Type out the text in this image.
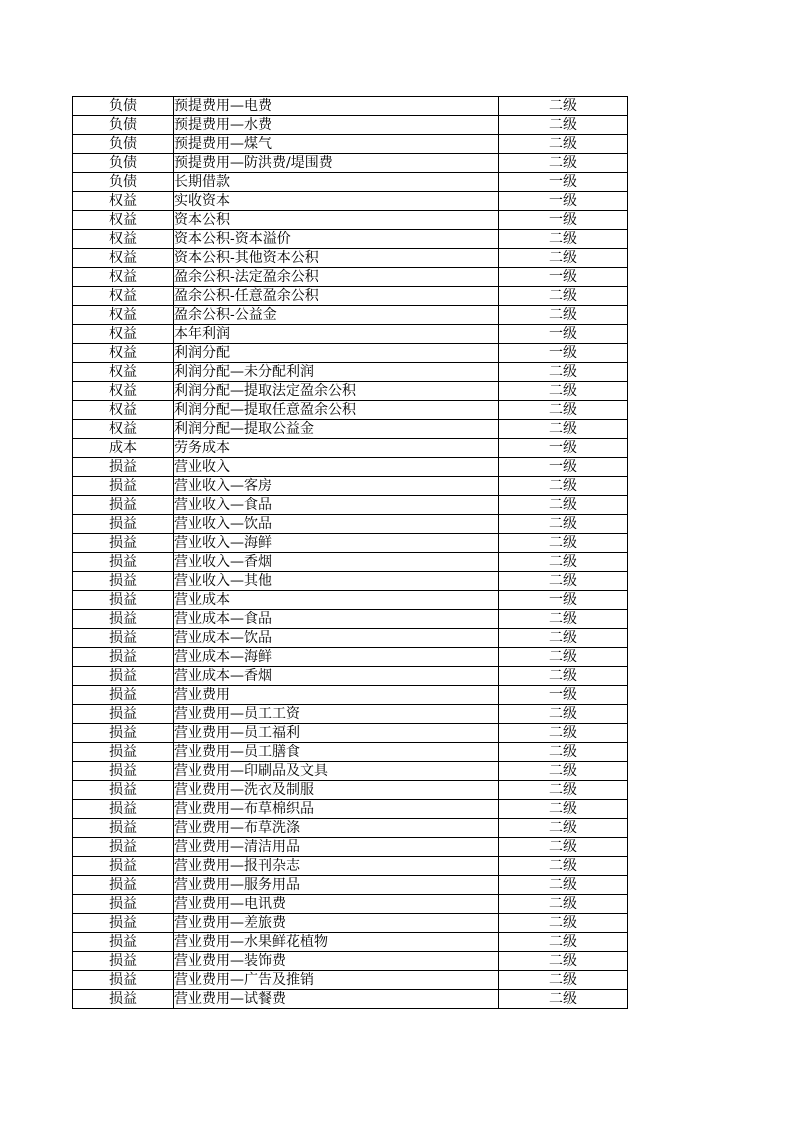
负债	预提费用—电费	二级
负债	预提费用—水费	二级
负债	预提费用—煤气	二级
负债	预提费用—防洪费/堤围费	二级
负债	长期借款	一级
权益	实收资本	一级
权益	资本公积	一级
权益	资本公积-资本溢价	二级
权益	资本公积-其他资本公积	二级
权益	盈余公积-法定盈余公积	一级
权益	盈余公积-任意盈余公积	二级
权益	盈余公积-公益金	二级
权益	本年利润	一级
权益	利润分配	一级
权益	利润分配—未分配利润	二级
权益	利润分配—提取法定盈余公积	二级
权益	利润分配—提取任意盈余公积	二级
权益	利润分配—提取公益金	二级
成本	劳务成本	一级
损益	营业收入	一级
损益	营业收入—客房	二级
损益	营业收入—食品	二级
损益	营业收入—饮品	二级
损益	营业收入—海鲜	二级
损益	营业收入—香烟	二级
损益	营业收入—其他	二级
损益	营业成本	一级
损益	营业成本—食品	二级
损益	营业成本—饮品	二级
损益	营业成本—海鲜	二级
损益	营业成本—香烟	二级
损益	营业费用	一级
损益	营业费用—员工工资	二级
损益	营业费用—员工福利	二级
损益	营业费用—员工膳食	二级
损益	营业费用—印刷品及文具	二级
损益	营业费用—洗衣及制服	二级
损益	营业费用—布草棉织品	二级
损益	营业费用—布草洗涤	二级
损益	营业费用—清洁用品	二级
损益	营业费用—报刊杂志	二级
损益	营业费用—服务用品	二级
损益	营业费用—电讯费	二级
损益	营业费用—差旅费	二级
损益	营业费用—水果鲜花植物	二级
损益	营业费用—装饰费	二级
损益	营业费用—广告及推销	二级
损益	营业费用—试餐费	二级
